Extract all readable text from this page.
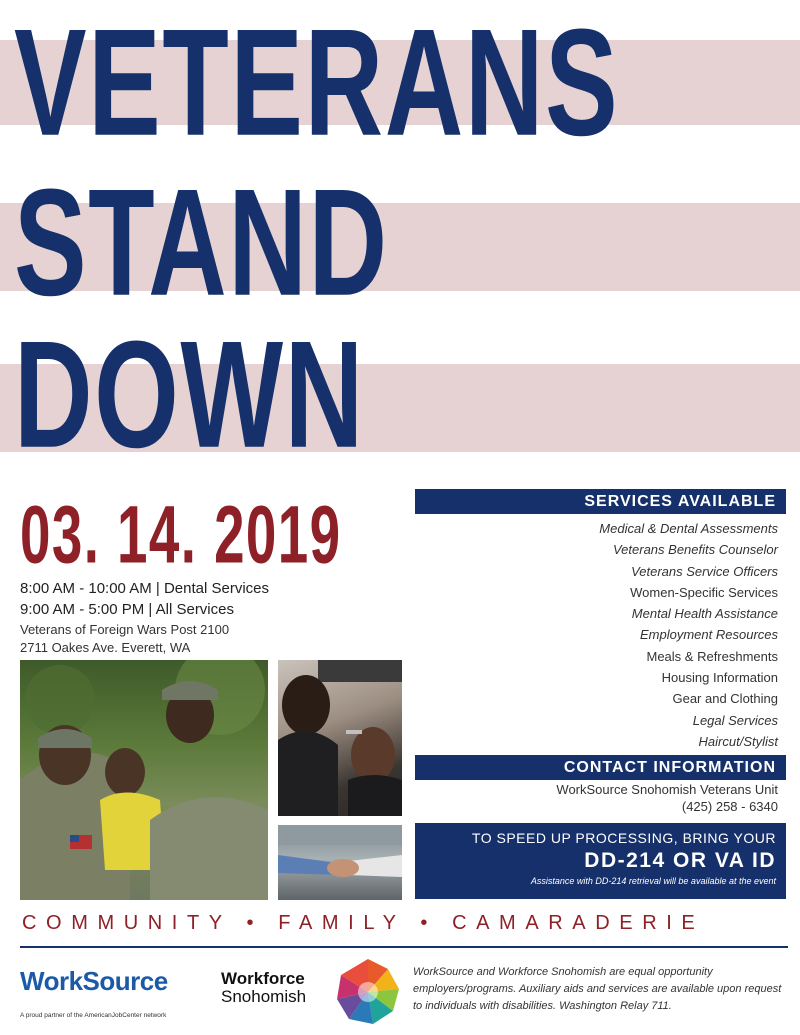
VETERANS
STAND
DOWN
03. 14. 2019
8:00 AM - 10:00 AM | Dental Services
9:00 AM - 5:00 PM | All Services
Veterans of Foreign Wars Post 2100
2711 Oakes Ave. Everett, WA
SERVICES AVAILABLE
Medical & Dental Assessments
Veterans Benefits Counselor
Veterans Service Officers
Women-Specific Services
Mental Health Assistance
Employment Resources
Meals & Refreshments
Housing Information
Gear and Clothing
Legal Services
Haircut/Stylist
CONTACT INFORMATION
WorkSource Snohomish Veterans Unit
(425) 258 - 6340
TO SPEED UP PROCESSING, BRING YOUR
DD-214 OR VA ID
Assistance with DD-214 retrieval will be available at the event
COMMUNITY • FAMILY • CAMARADERIE
WorkSource
A proud partner of the AmericanJobCenter network
Workforce
Snohomish
WorkSource and Workforce Snohomish are equal opportunity employers/programs. Auxiliary aids and services are available upon request to individuals with disabilities. Washington Relay 711.
